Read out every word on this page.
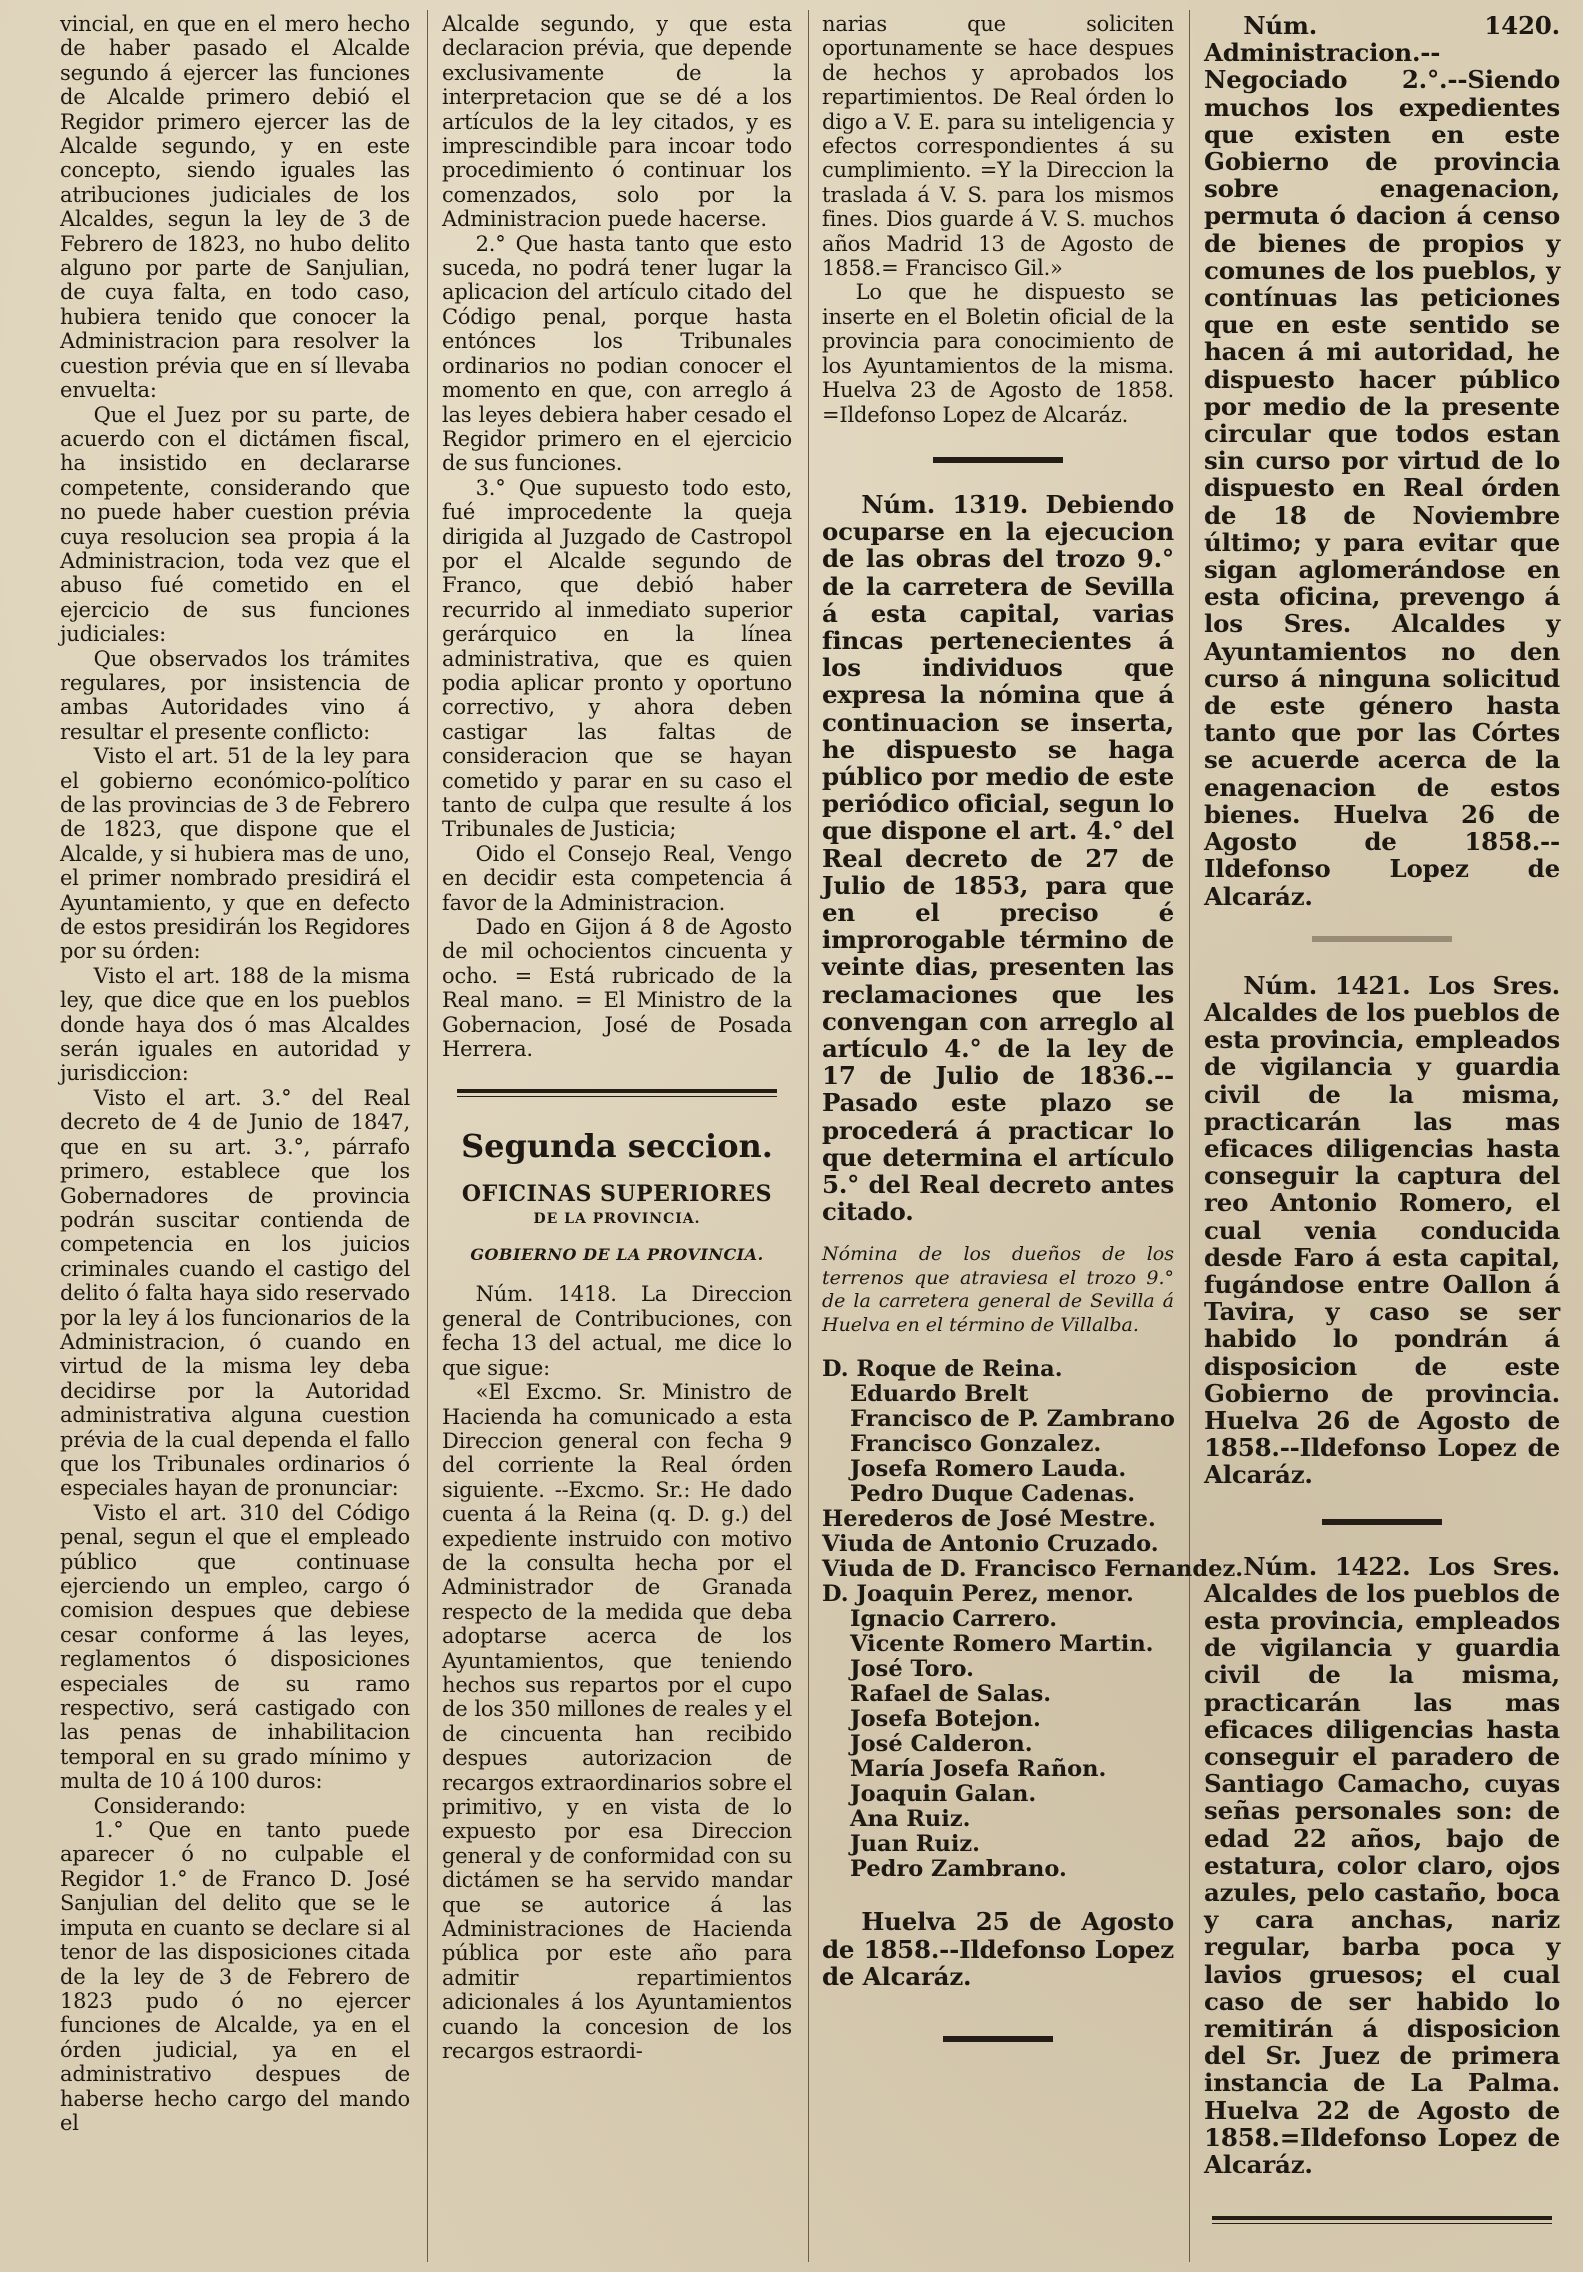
vincial, en que en el mero hecho de haber pasado el Alcalde segundo á ejercer las funciones de Alcalde primero debió el Regidor primero ejercer las de Alcalde segundo, y en este concepto, siendo iguales las atribuciones judiciales de los Alcaldes, segun la ley de 3 de Febrero de 1823, no hubo delito alguno por parte de Sanjulian, de cuya falta, en todo caso, hubiera tenido que conocer la Administracion para resolver la cuestion prévia que en sí llevaba envuelta:

Que el Juez por su parte, de acuerdo con el dictámen fiscal, ha insistido en declararse competente, considerando que no puede haber cuestion prévia cuya resolucion sea propia á la Administracion, toda vez que el abuso fué cometido en el ejercicio de sus funciones judiciales:

Que observados los trámites regulares, por insistencia de ambas Autoridades vino á resultar el presente conflicto:

Visto el art. 51 de la ley para el gobierno económico-político de las provincias de 3 de Febrero de 1823, que dispone que el Alcalde, y si hubiera mas de uno, el primer nombrado presidirá el Ayuntamiento, y que en defecto de estos presidirán los Regidores por su órden:

Visto el art. 188 de la misma ley, que dice que en los pueblos donde haya dos ó mas Alcaldes serán iguales en autoridad y jurisdiccion:

Visto el art. 3.° del Real decreto de 4 de Junio de 1847, que en su art. 3.°, párrafo primero, establece que los Gobernadores de provincia podrán suscitar contienda de competencia en los juicios criminales cuando el castigo del delito ó falta haya sido reservado por la ley á los funcionarios de la Administracion, ó cuando en virtud de la misma ley deba decidirse por la Autoridad administrativa alguna cuestion prévia de la cual dependa el fallo que los Tribunales ordinarios ó especiales hayan de pronunciar:

Visto el art. 310 del Código penal, segun el que el empleado público que continuase ejerciendo un empleo, cargo ó comision despues que debiese cesar conforme á las leyes, reglamentos ó disposiciones especiales de su ramo respectivo, será castigado con las penas de inhabilitacion temporal en su grado mínimo y multa de 10 á 100 duros:

Considerando:

1.° Que en tanto puede aparecer ó no culpable el Regidor 1.° de Franco D. José Sanjulian del delito que se le imputa en cuanto se declare si al tenor de las disposiciones citada de la ley de 3 de Febrero de 1823 pudo ó no ejercer funciones de Alcalde, ya en el órden judicial, ya en el administrativo despues de haberse hecho cargo del mando el

Alcalde segundo, y que esta declaracion prévia, que depende exclusivamente de la interpretacion que se dé a los artículos de la ley citados, y es imprescindible para incoar todo procedimiento ó continuar los comenzados, solo por la Administracion puede hacerse.

2.° Que hasta tanto que esto suceda, no podrá tener lugar la aplicacion del artículo citado del Código penal, porque hasta entónces los Tribunales ordinarios no podian conocer el momento en que, con arreglo á las leyes debiera haber cesado el Regidor primero en el ejercicio de sus funciones.

3.° Que supuesto todo esto, fué improcedente la queja dirigida al Juzgado de Castropol por el Alcalde segundo de Franco, que debió haber recurrido al inmediato superior gerárquico en la línea administrativa, que es quien podia aplicar pronto y oportuno correctivo, y ahora deben castigar las faltas de consideracion que se hayan cometido y parar en su caso el tanto de culpa que resulte á los Tribunales de Justicia;

Oido el Consejo Real, Vengo en decidir esta competencia á favor de la Administracion.

Dado en Gijon á 8 de Agosto de mil ochocientos cincuenta y ocho. = Está rubricado de la Real mano. = El Ministro de la Gobernacion, José de Posada Herrera.

Segunda seccion.
OFICINAS SUPERIORES
DE LA PROVINCIA.
GOBIERNO DE LA PROVINCIA.

Núm. 1418. La Direccion general de Contribuciones, con fecha 13 del actual, me dice lo que sigue:

«El Excmo. Sr. Ministro de Hacienda ha comunicado a esta Direccion general con fecha 9 del corriente la Real órden siguiente. --Excmo. Sr.: He dado cuenta á la Reina (q. D. g.) del expediente instruido con motivo de la consulta hecha por el Administrador de Granada respecto de la medida que deba adoptarse acerca de los Ayuntamientos, que teniendo hechos sus repartos por el cupo de los 350 millones de reales y el de cincuenta han recibido despues autorizacion de recargos extraordinarios sobre el primitivo, y en vista de lo expuesto por esa Direccion general y de conformidad con su dictámen se ha servido mandar que se autorice á las Administraciones de Hacienda pública por este año para admitir repartimientos adicionales á los Ayuntamientos cuando la concesion de los recargos estraordi-

narias que soliciten oportunamente se hace despues de hechos y aprobados los repartimientos. De Real órden lo digo a V. E. para su inteligencia y efectos correspondientes á su cumplimiento. =Y la Direccion la traslada á V. S. para los mismos fines. Dios guarde á V. S. muchos años Madrid 13 de Agosto de 1858.= Francisco Gil.»

Lo que he dispuesto se inserte en el Boletin oficial de la provincia para conocimiento de los Ayuntamientos de la misma. Huelva 23 de Agosto de 1858. =Ildefonso Lopez de Alcaráz.

Núm. 1319. Debiendo ocuparse en la ejecucion de las obras del trozo 9.° de la carretera de Sevilla á esta capital, varias fincas pertenecientes á los individuos que expresa la nómina que á continuacion se inserta, he dispuesto se haga público por medio de este periódico oficial, segun lo que dispone el art. 4.° del Real decreto de 27 de Julio de 1853, para que en el preciso é improrogable término de veinte dias, presenten las reclamaciones que les convengan con arreglo al artículo 4.° de la ley de 17 de Julio de 1836.--Pasado este plazo se procederá á practicar lo que determina el artículo 5.° del Real decreto antes citado.

Nómina de los dueños de los terrenos que atraviesa el trozo 9.° de la carretera general de Sevilla á Huelva en el término de Villalba.

D. Roque de Reina.
Eduardo Brelt
Francisco de P. Zambrano
Francisco Gonzalez.
Josefa Romero Lauda.
Pedro Duque Cadenas.
Herederos de José Mestre.
Viuda de Antonio Cruzado.
Viuda de D. Francisco Fernandez.
D. Joaquin Perez, menor.
Ignacio Carrero.
Vicente Romero Martin.
José Toro.
Rafael de Salas.
Josefa Botejon.
José Calderon.
María Josefa Rañon.
Joaquin Galan.
Ana Ruiz.
Juan Ruiz.
Pedro Zambrano.

Huelva 25 de Agosto de 1858.--Ildefonso Lopez de Alcaráz.

Núm. 1420. Administracion.--Negociado 2.°.--Siendo muchos los expedientes que existen en este Gobierno de provincia sobre enagenacion, permuta ó dacion á censo de bienes de propios y comunes de los pueblos, y contínuas las peticiones que en este sentido se hacen á mi autoridad, he dispuesto hacer público por medio de la presente circular que todos estan sin curso por virtud de lo dispuesto en Real órden de 18 de Noviembre último; y para evitar que sigan aglomerándose en esta oficina, prevengo á los Sres. Alcaldes y Ayuntamientos no den curso á ninguna solicitud de este género hasta tanto que por las Córtes se acuerde acerca de la enagenacion de estos bienes. Huelva 26 de Agosto de 1858.--Ildefonso Lopez de Alcaráz.

Núm. 1421. Los Sres. Alcaldes de los pueblos de esta provincia, empleados de vigilancia y guardia civil de la misma, practicarán las mas eficaces diligencias hasta conseguir la captura del reo Antonio Romero, el cual venia conducida desde Faro á esta capital, fugándose entre Oallon á Tavira, y caso se ser habido lo pondrán á disposicion de este Gobierno de provincia. Huelva 26 de Agosto de 1858.--Ildefonso Lopez de Alcaráz.

Núm. 1422. Los Sres. Alcaldes de los pueblos de esta provincia, empleados de vigilancia y guardia civil de la misma, practicarán las mas eficaces diligencias hasta conseguir el paradero de Santiago Camacho, cuyas señas personales son: de edad 22 años, bajo de estatura, color claro, ojos azules, pelo castaño, boca y cara anchas, nariz regular, barba poca y lavios gruesos; el cual caso de ser habido lo remitirán á disposicion del Sr. Juez de primera instancia de La Palma. Huelva 22 de Agosto de 1858.=Ildefonso Lopez de Alcaráz.
